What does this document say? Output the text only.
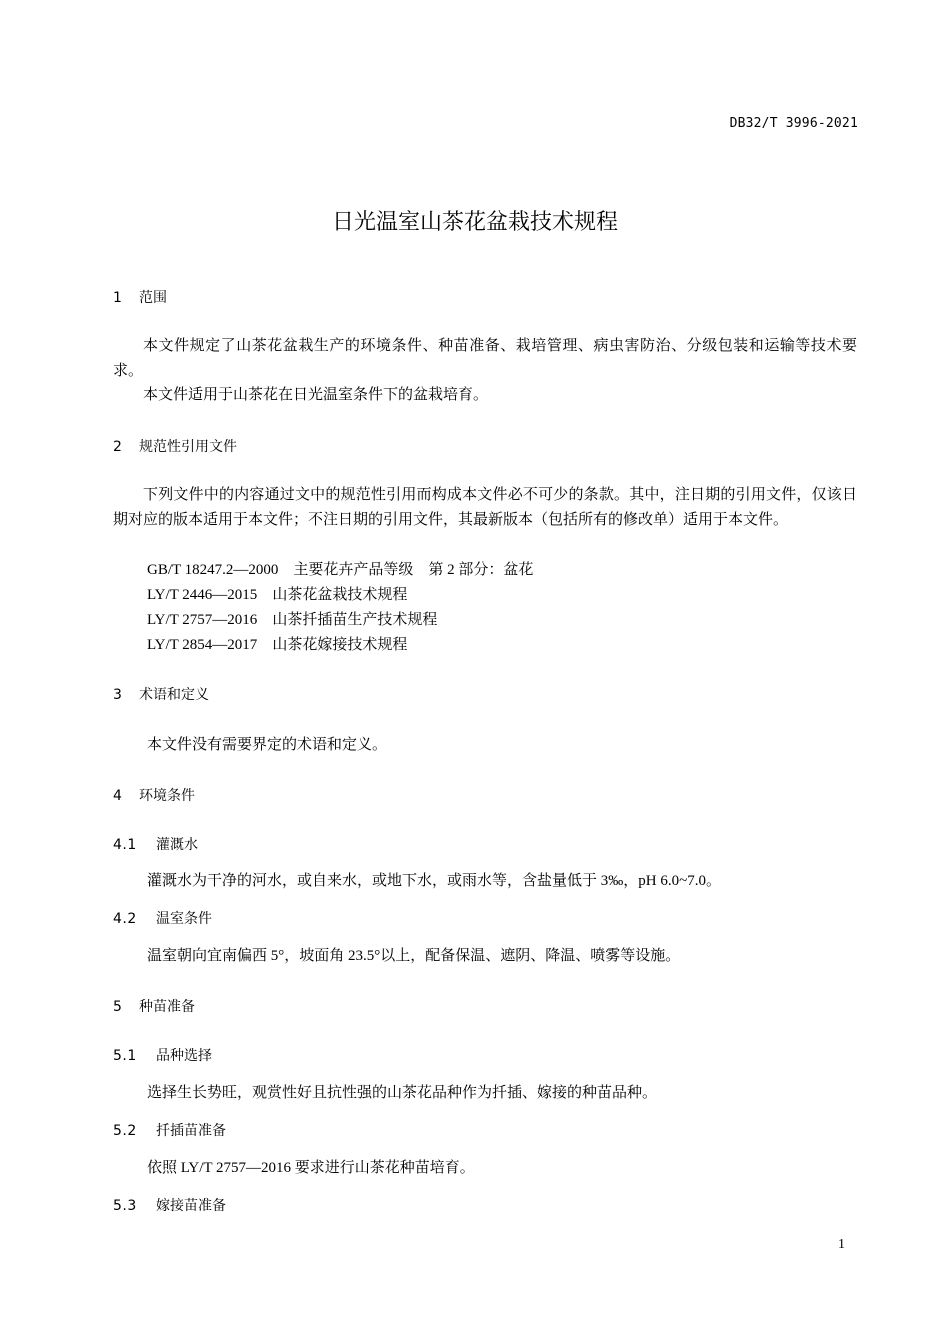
DB32/T 3996-2021
日光温室山茶花盆栽技术规程
1 范围

本文件规定了山茶花盆栽生产的环境条件、种苗准备、栽培管理、病虫害防治、分级包装和运输等技术要求。

本文件适用于山茶花在日光温室条件下的盆栽培育。

2 规范性引用文件

下列文件中的内容通过文中的规范性引用而构成本文件必不可少的条款。其中，注日期的引用文件，仅该日期对应的版本适用于本文件；不注日期的引用文件，其最新版本（包括所有的修改单）适用于本文件。

GB/T 18247.2—2000　 主要花卉产品等级　第 2 部分：盆花
LY/T 2446—2015　 山茶花盆栽技术规程
LY/T 2757—2016　 山茶扦插苗生产技术规程
LY/T 2854—2017　 山茶花嫁接技术规程
3 术语和定义
本文件没有需要界定的术语和定义。
4 环境条件
4.1 灌溉水
灌溉水为干净的河水，或自来水，或地下水，或雨水等，含盐量低于 3‰，pH 6.0~7.0。
4.2 温室条件
温室朝向宜南偏西 5°，坡面角 23.5°以上，配备保温、遮阴、降温、喷雾等设施。
5 种苗准备
5.1 品种选择
选择生长势旺，观赏性好且抗性强的山茶花品种作为扦插、嫁接的种苗品种。
5.2 扦插苗准备
依照 LY/T 2757—2016 要求进行山茶花种苗培育。
5.3 嫁接苗准备
1
